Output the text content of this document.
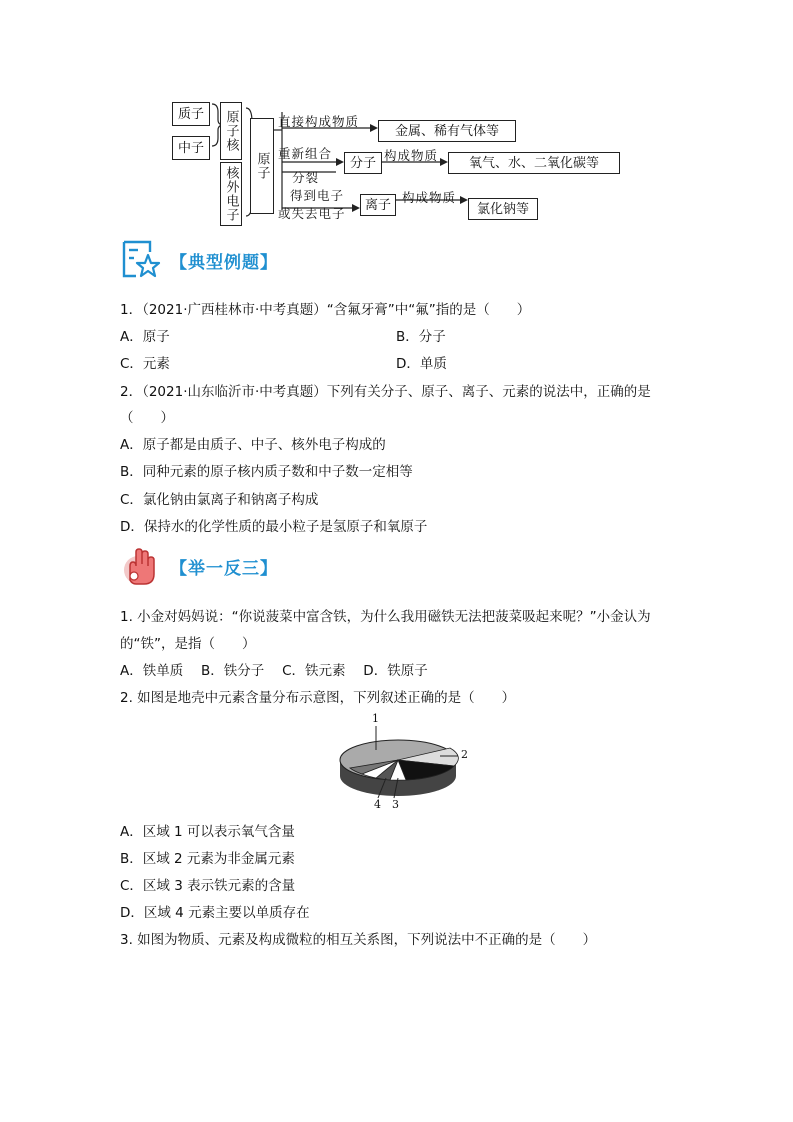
质子
中子	原子核
核外电子	原子
直接构成物质
金属、稀有气体等
重新组合
分裂
分子 构成物质	氧气、水、二氧化碳等
得到电子
或失去电子
离子 构成物质
氯化钠等
【典型例题】
1．（2021·广西桂林市·中考真题）“含氟牙膏”中“氟”指的是（　　）
A．原子	B．分子
C．元素	D．单质
2．（2021·山东临沂市·中考真题）下列有关分子、原子、离子、元素的说法中，正确的是
（　　）
A．原子都是由质子、中子、核外电子构成的
B．同种元素的原子核内质子数和中子数一定相等
C．氯化钠由氯离子和钠离子构成
D．保持水的化学性质的最小粒子是氢原子和氧原子
【举一反三】
1. 小金对妈妈说：“你说菠菜中富含铁，为什么我用磁铁无法把菠菜吸起来呢？”小金认为
的“铁”，是指（　　）
A．铁单质　 B．铁分子　 C．铁元素　 D．铁原子
2. 如图是地壳中元素含量分布示意图，下列叙述正确的是（　　）
1
2
3
4
A．区域 1 可以表示氧气含量
B．区域 2 元素为非金属元素
C．区域 3 表示铁元素的含量
D．区域 4 元素主要以单质存在
3. 如图为物质、元素及构成微粒的相互关系图，下列说法中不正确的是（　　）
